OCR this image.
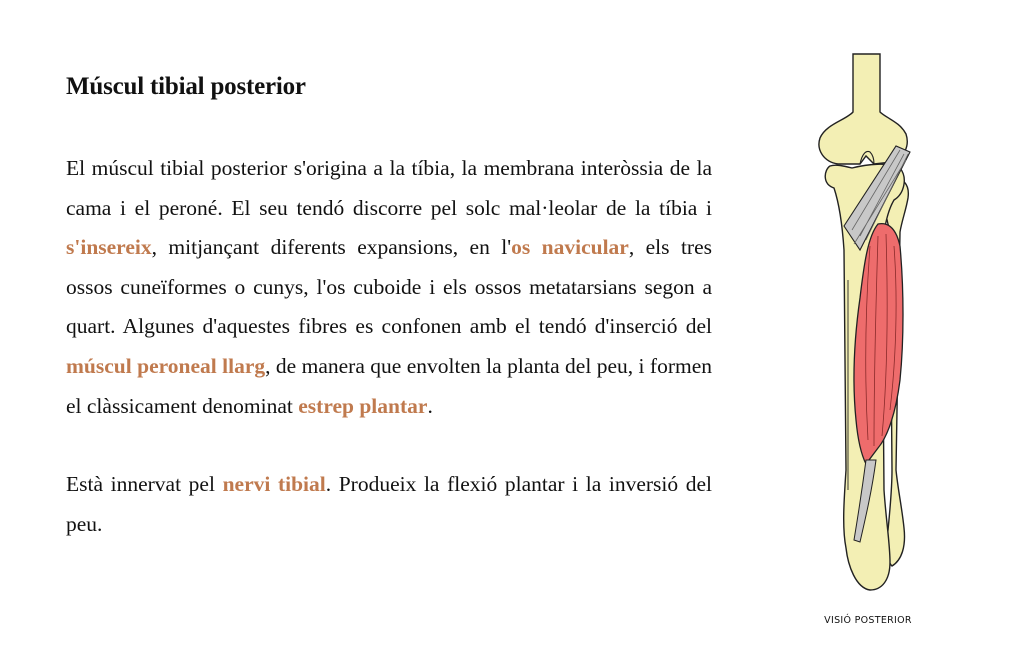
Múscul tibial posterior

El múscul tibial posterior s'origina a la tíbia, la membrana interòssia de la cama i el peroné. El seu tendó discorre pel solc mal·leolar de la tíbia i s'insereix, mitjançant diferents expansions, en l'os navicular, els tres ossos cuneïformes o cunys, l'os cuboide i els ossos metatarsians segon a quart. Algunes d'aquestes fibres es confonen amb el tendó d'inserció del múscul peroneal llarg, de manera que envolten la planta del peu, i formen el clàssicament denominat estrep plantar.

Està innervat pel nervi tibial. Produeix la flexió plantar i la inversió del peu.

VISIÓ POSTERIOR
